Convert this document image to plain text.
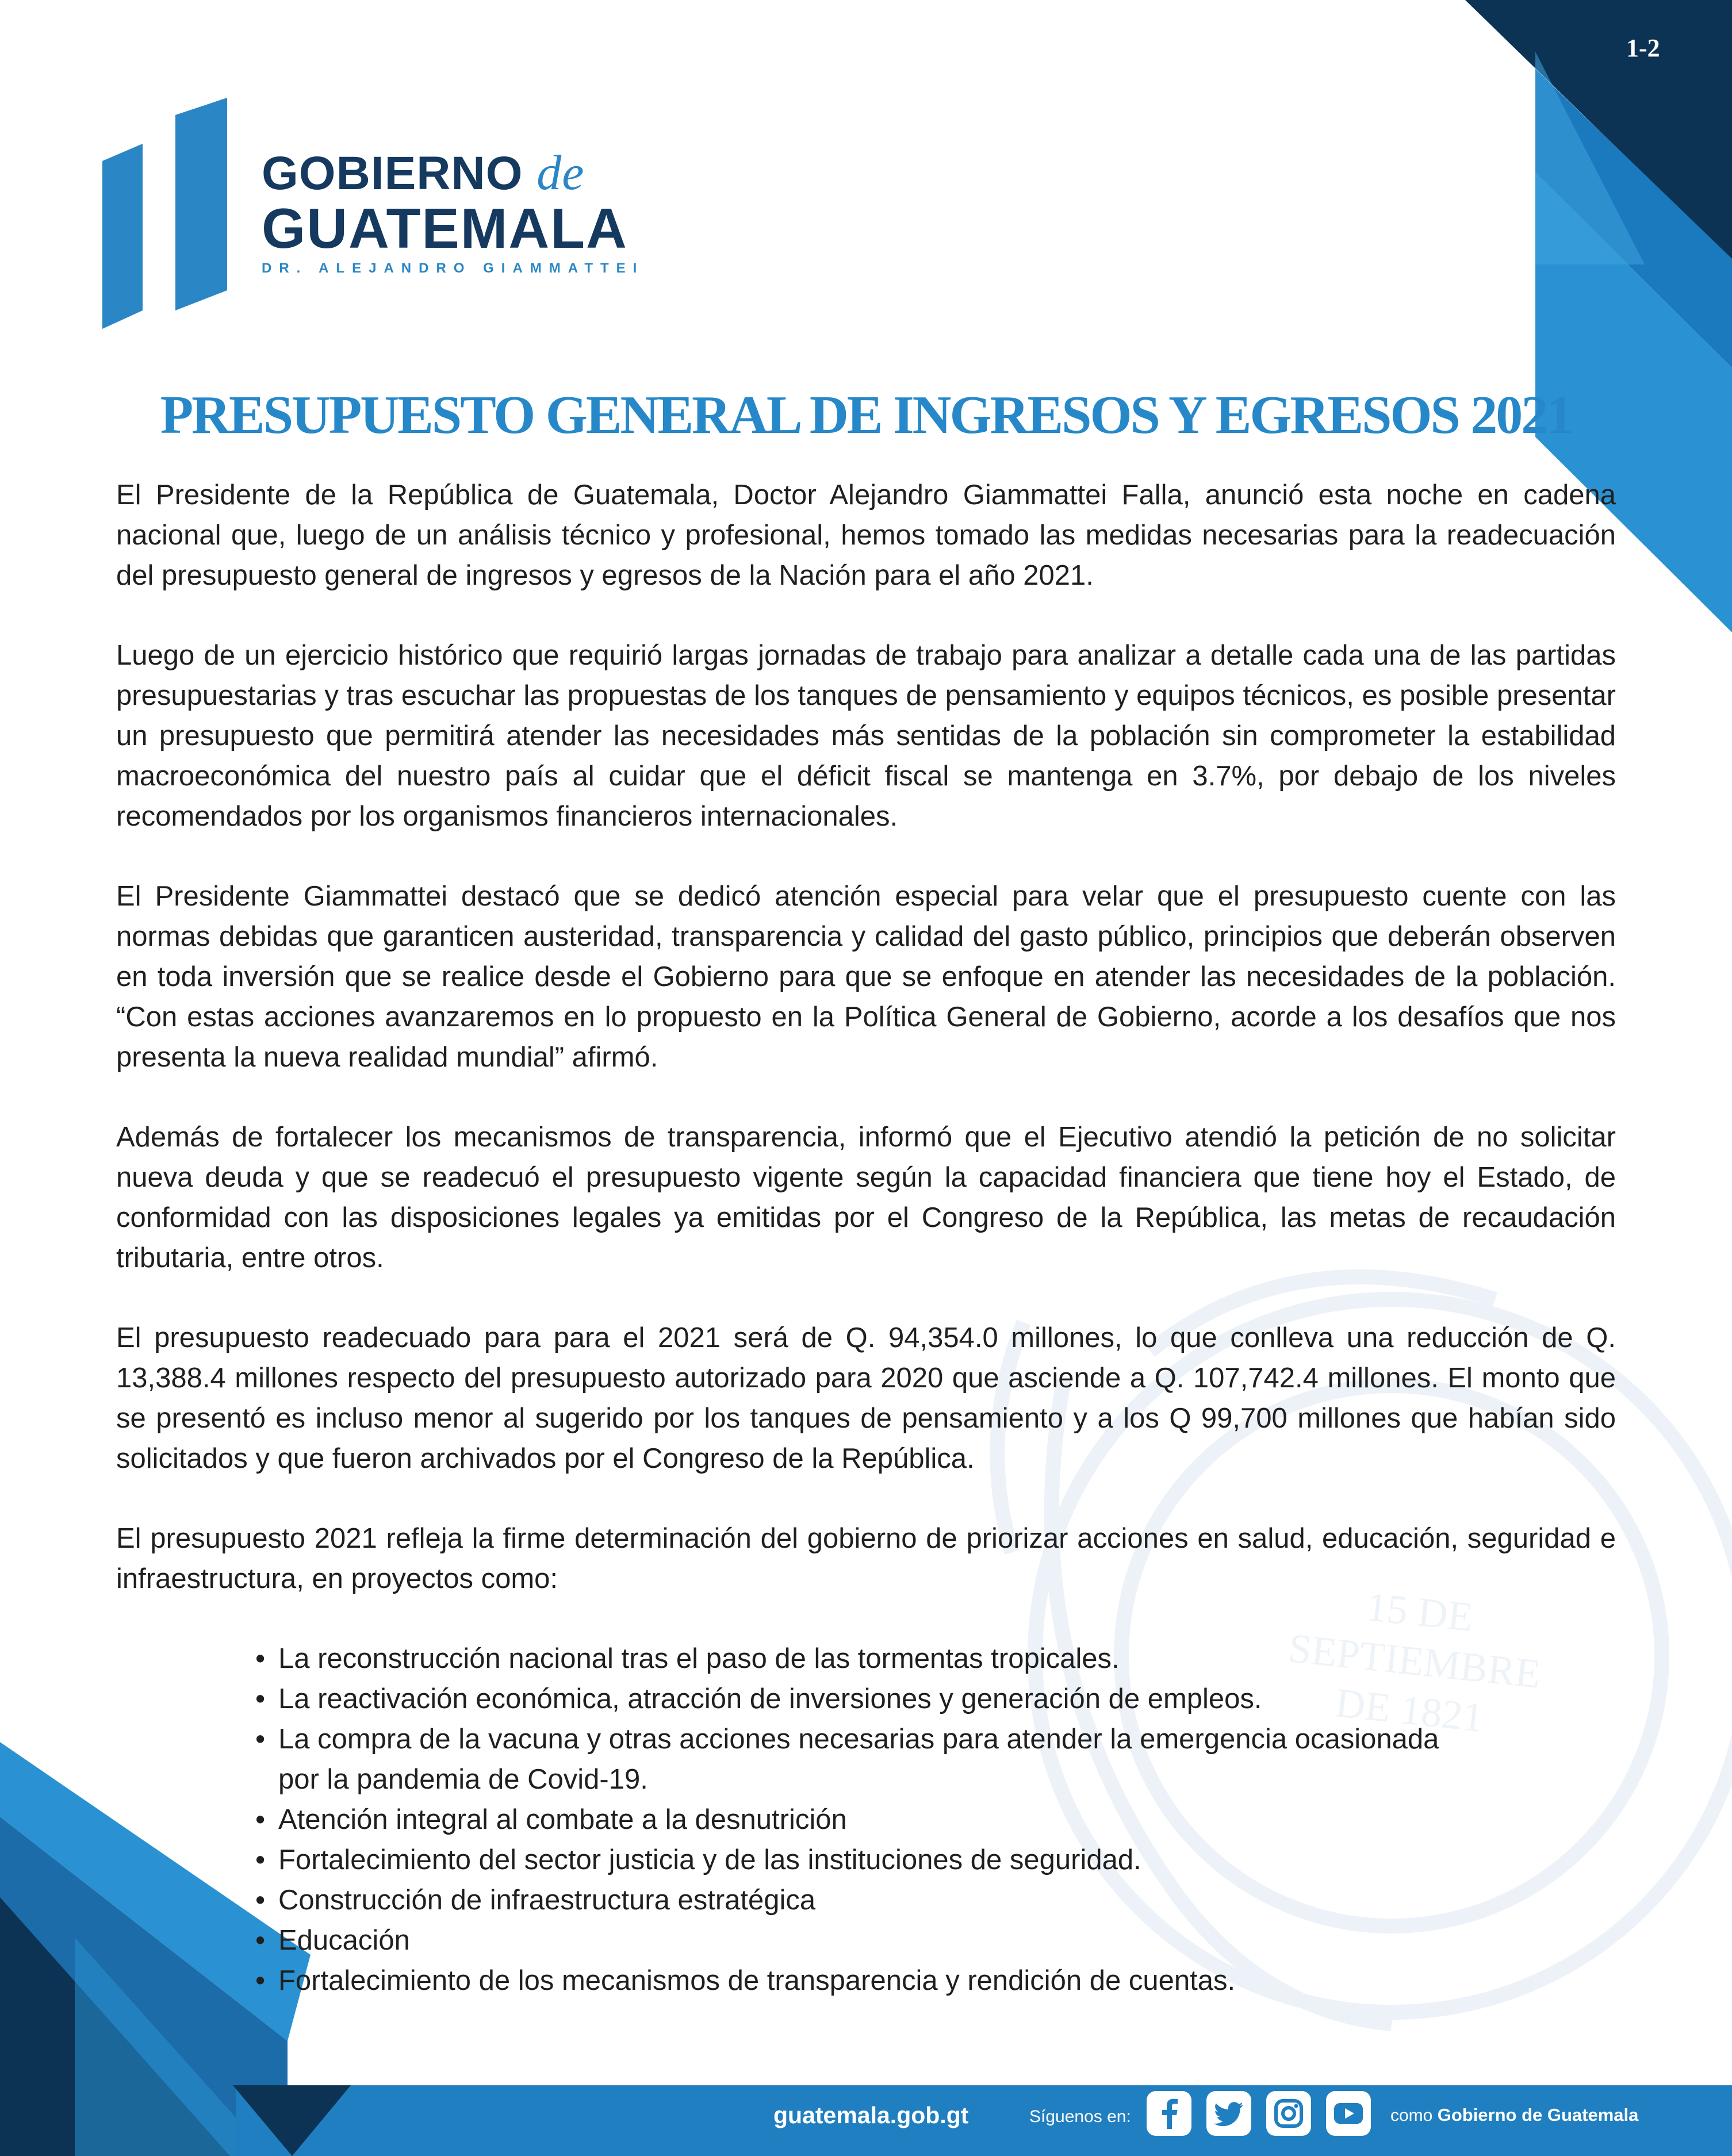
15 DE
SEPTIEMBRE
DE 1821
1-2
GOBIERNO de
GUATEMALA
DR. ALEJANDRO GIAMMATTEI
PRESUPUESTO GENERAL DE INGRESOS Y EGRESOS 2021

El Presidente de la República de Guatemala, Doctor Alejandro Giammattei Falla, anunció esta noche en cadena nacional que, luego de un análisis técnico y profesional, hemos tomado las medidas necesarias para la readecuación del presupuesto general de ingresos y egresos de la Nación para el año 2021.

Luego de un ejercicio histórico que requirió largas jornadas de trabajo para analizar a detalle cada una de las partidas presupuestarias y tras escuchar las propuestas de los tanques de pensamiento y equipos técnicos, es posible presentar un presupuesto que permitirá atender las necesidades más sentidas de la población sin comprometer la estabilidad macroeconómica del nuestro país al cuidar que el déficit fiscal se mantenga en 3.7%, por debajo de los niveles recomendados por los organismos financieros internacionales.

El Presidente Giammattei destacó que se dedicó atención especial para velar que el presupuesto cuente con las normas debidas que garanticen austeridad, transparencia y calidad del gasto público, principios que deberán observen en toda inversión que se realice desde el Gobierno para que se enfoque en atender las necesidades de la población. “Con estas acciones avanzaremos en lo propuesto en la Política General de Gobierno, acorde a los desafíos que nos presenta la nueva realidad mundial” afirmó.

Además de fortalecer los mecanismos de transparencia, informó que el Ejecutivo atendió la petición de no solicitar nueva deuda y que se readecuó el presupuesto vigente según la capacidad financiera que tiene hoy el Estado, de conformidad con las disposiciones legales ya emitidas por el Congreso de la República, las metas de recaudación tributaria, entre otros.

El presupuesto readecuado para para el 2021 será de Q. 94,354.0 millones, lo que conlleva una reducción de Q. 13,388.4 millones respecto del presupuesto autorizado para 2020 que asciende a Q. 107,742.4 millones. El monto que se presentó es incluso menor al sugerido por los tanques de pensamiento y a los Q 99,700 millones que habían sido solicitados y que fueron archivados por el Congreso de la República.

El presupuesto 2021 refleja la firme determinación del gobierno de priorizar acciones en salud, educación, seguridad e infraestructura, en proyectos como:

• La reconstrucción nacional tras el paso de las tormentas tropicales.
• La reactivación económica, atracción de inversiones y generación de empleos.
• La compra de la vacuna y otras acciones necesarias para atender la emergencia ocasionada
por la pandemia de Covid-19.
• Atención integral al combate a la desnutrición
• Fortalecimiento del sector justicia y de las instituciones de seguridad.
• Construcción de infraestructura estratégica
• Educación
• Fortalecimiento de los mecanismos de transparencia y rendición de cuentas.
guatemala.gob.gt	Síguenos en:	como Gobierno de Guatemala
